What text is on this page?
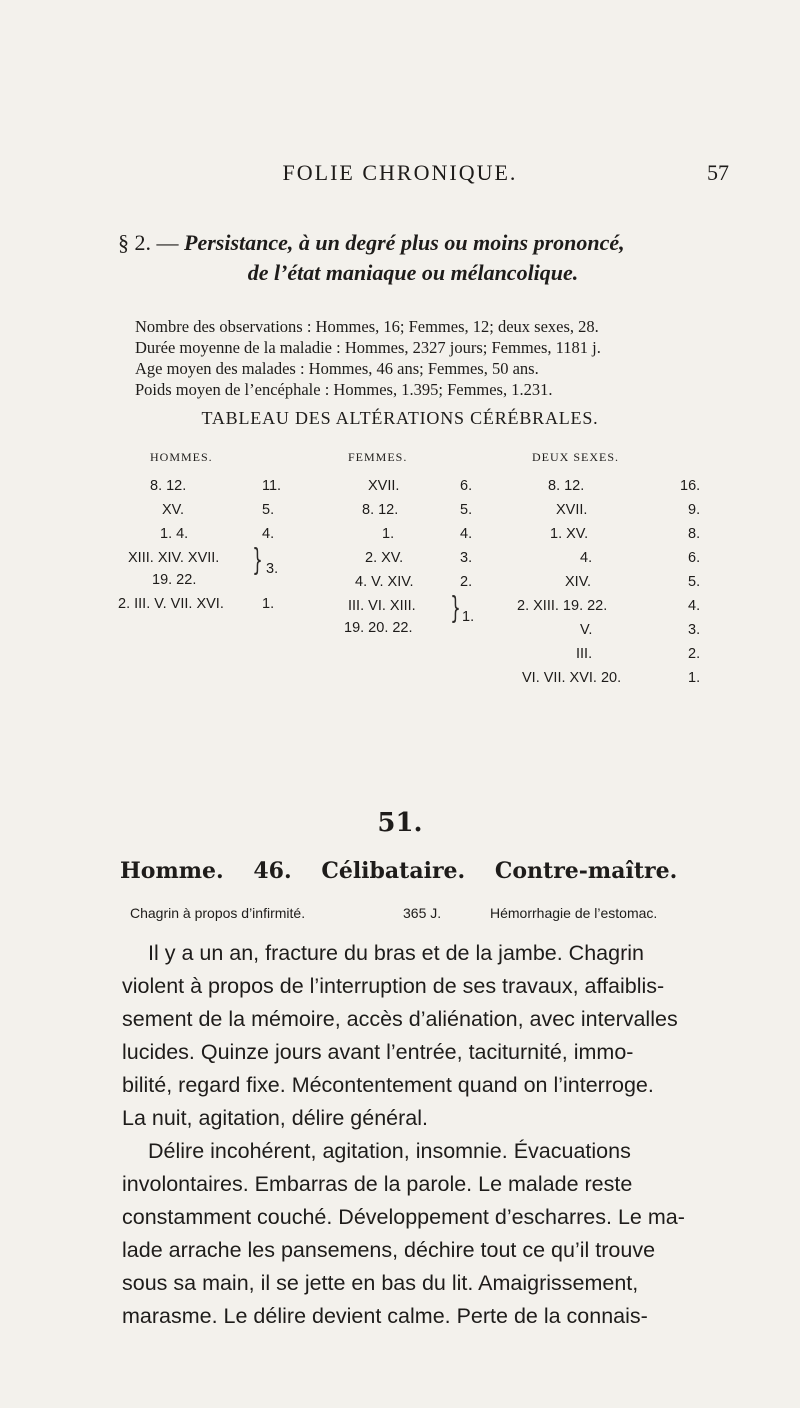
FOLIE CHRONIQUE.	57
§ 2. — Persistance, à un degré plus ou moins prononcé,
de l’état maniaque ou mélancolique.
Nombre des observations : Hommes, 16; Femmes, 12; deux sexes, 28.
Durée moyenne de la maladie : Hommes, 2327 jours; Femmes, 1181 j.
Age moyen des malades : Hommes, 46 ans; Femmes, 50 ans.
Poids moyen de l’encéphale : Hommes, 1.395; Femmes, 1.231.
TABLEAU DES ALTÉRATIONS CÉRÉBRALES.
HOMMES.	FEMMES.	DEUX SEXES.
8. 12.	11.
XV.	5.
1. 4.	4.
XIII. XIV. XVII.
19. 22.
} 3.
2. III. V. VII. XVI.	1.
XVII.	6.
8. 12.	5.
1.	4.
2. XV.	3.
4. V. XIV.	2.
III. VI. XIII.
19. 20. 22.
} 1.
8. 12.	16.
XVII.	9.
1. XV.	8.
4.	6.
XIV.	5.
2. XIII. 19. 22.	4.
V.	3.
III.	2.
VI. VII. XVI. 20.	1.
51.
Homme. 46. Célibataire. Contre-maître.
Chagrin à propos d’infirmité.	365 J.	Hémorrhagie de l’estomac.
Il y a un an, fracture du bras et de la jambe. Chagrin
violent à propos de l’interruption de ses travaux, affaiblis-
sement de la mémoire, accès d’aliénation, avec intervalles
lucides. Quinze jours avant l’entrée, taciturnité, immo-
bilité, regard fixe. Mécontentement quand on l’interroge.
La nuit, agitation, délire général.
Délire incohérent, agitation, insomnie. Évacuations
involontaires. Embarras de la parole. Le malade reste
constamment couché. Développement d’escharres. Le ma-
lade arrache les pansemens, déchire tout ce qu’il trouve
sous sa main, il se jette en bas du lit. Amaigrissement,
marasme. Le délire devient calme. Perte de la connais-
